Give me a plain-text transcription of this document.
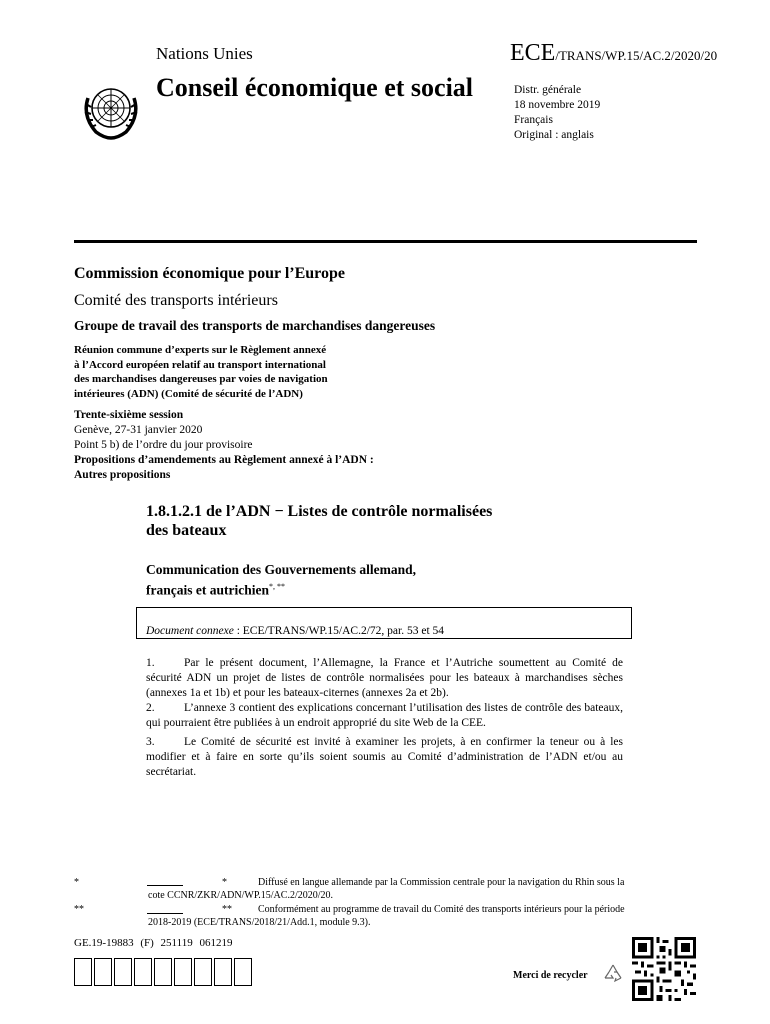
Nations Unies	ECE/TRANS/WP.15/AC.2/2020/20
Conseil économique et social	Distr. générale
18 novembre 2019
Français
Original : anglais
Commission économique pour l’Europe
Comité des transports intérieurs
Groupe de travail des transports de marchandises dangereuses
Réunion commune d’experts sur le Règlement annexé
à l’Accord européen relatif au transport international
des marchandises dangereuses par voies de navigation
intérieures (ADN) (Comité de sécurité de l’ADN)
Trente-sixième session
Genève, 27-31 janvier 2020
Point 5 b) de l’ordre du jour provisoire
Propositions d’amendements au Règlement annexé à l’ADN :
Autres propositions
1.8.1.2.1 de l’ADN − Listes de contrôle normalisées
des bateaux
Communication des Gouvernements allemand,
français et autrichien*, **
Document connexe : ECE/TRANS/WP.15/AC.2/72, par. 53 et 54
1.	Par le présent document, l’Allemagne, la France et l’Autriche soumettent au Comité de sécurité ADN un projet de listes de contrôle normalisées pour les bateaux à marchandises sèches (annexes 1a et 1b) et pour les bateaux-citernes (annexes 2a et 2b).
2.	L’annexe 3 contient des explications concernant l’utilisation des listes de contrôle des bateaux, qui pourraient être publiées à un endroit approprié du site Web de la CEE.
3.	Le Comité de sécurité est invité à examiner les projets, à en confirmer la teneur ou à les modifier et à faire en sorte qu’ils soient soumis au Comité d’administration de l’ADN et/ou au secrétariat.
*	*	Diffusé en langue allemande par la Commission centrale pour la navigation du Rhin sous la cote CCNR/ZKR/ADN/WP.15/AC.2/2020/20.
**	**	Conformément au programme de travail du Comité des transports intérieurs pour la période 2018-2019 (ECE/TRANS/2018/21/Add.1, module 9.3).
GE.19-19883 (F) 251119 061219
Merci de recycler
